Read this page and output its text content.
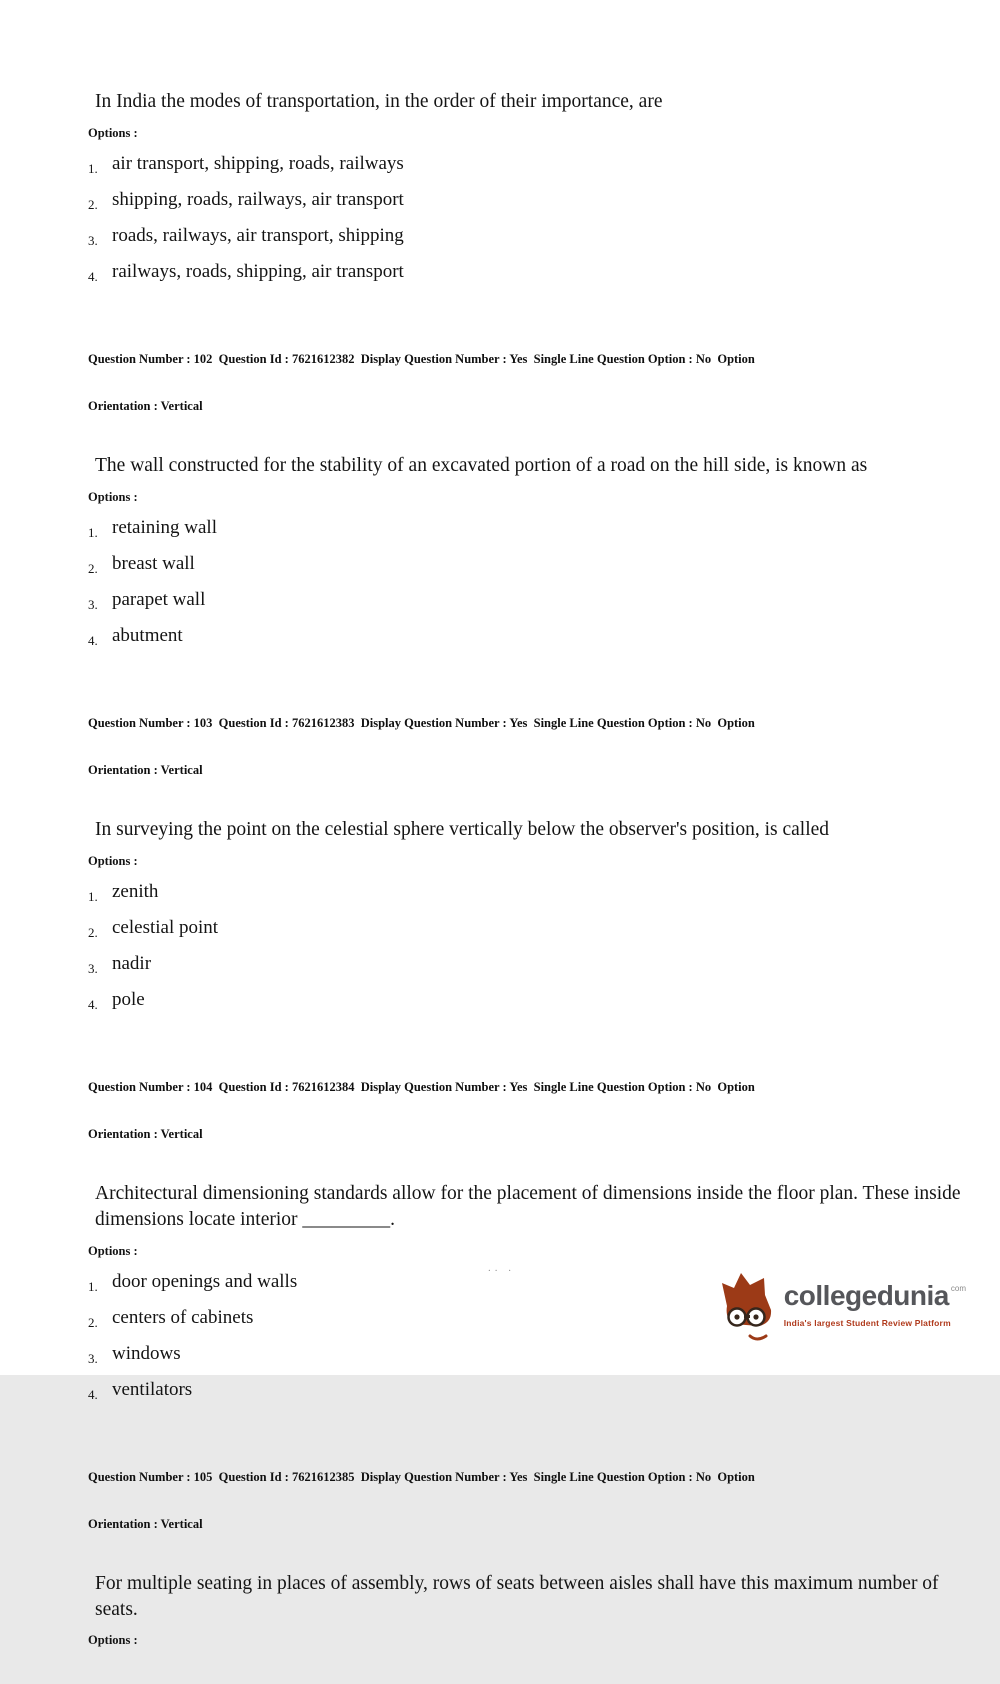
In India the modes of transportation, in the order of their importance, are
Options :
1. air transport, shipping, roads, railways
2. shipping, roads, railways, air transport
3. roads, railways, air transport, shipping
4. railways, roads, shipping, air transport

Question Number : 102  Question Id : 7621612382  Display Question Number : Yes  Single Line Question Option : No  Option

Orientation : Vertical

The wall constructed for the stability of an excavated portion of a road on the hill side, is known as
Options :
1. retaining wall
2. breast wall
3. parapet wall
4. abutment

Question Number : 103  Question Id : 7621612383  Display Question Number : Yes  Single Line Question Option : No  Option

Orientation : Vertical

In surveying the point on the celestial sphere vertically below the observer's position, is called
Options :
1. zenith
2. celestial point
3. nadir
4. pole

Question Number : 104  Question Id : 7621612384  Display Question Number : Yes  Single Line Question Option : No  Option

Orientation : Vertical

Architectural dimensioning standards allow for the placement of dimensions inside the floor plan. These inside dimensions locate interior _________.
Options :
1. door openings and walls
2. centers of cabinets
3. windows
4. ventilators

Question Number : 105  Question Id : 7621612385  Display Question Number : Yes  Single Line Question Option : No  Option

Orientation : Vertical

For multiple seating in places of assembly, rows of seats between aisles shall have this maximum number of seats.
Options :
.. .
collegedunia com
India's largest Student Review Platform
